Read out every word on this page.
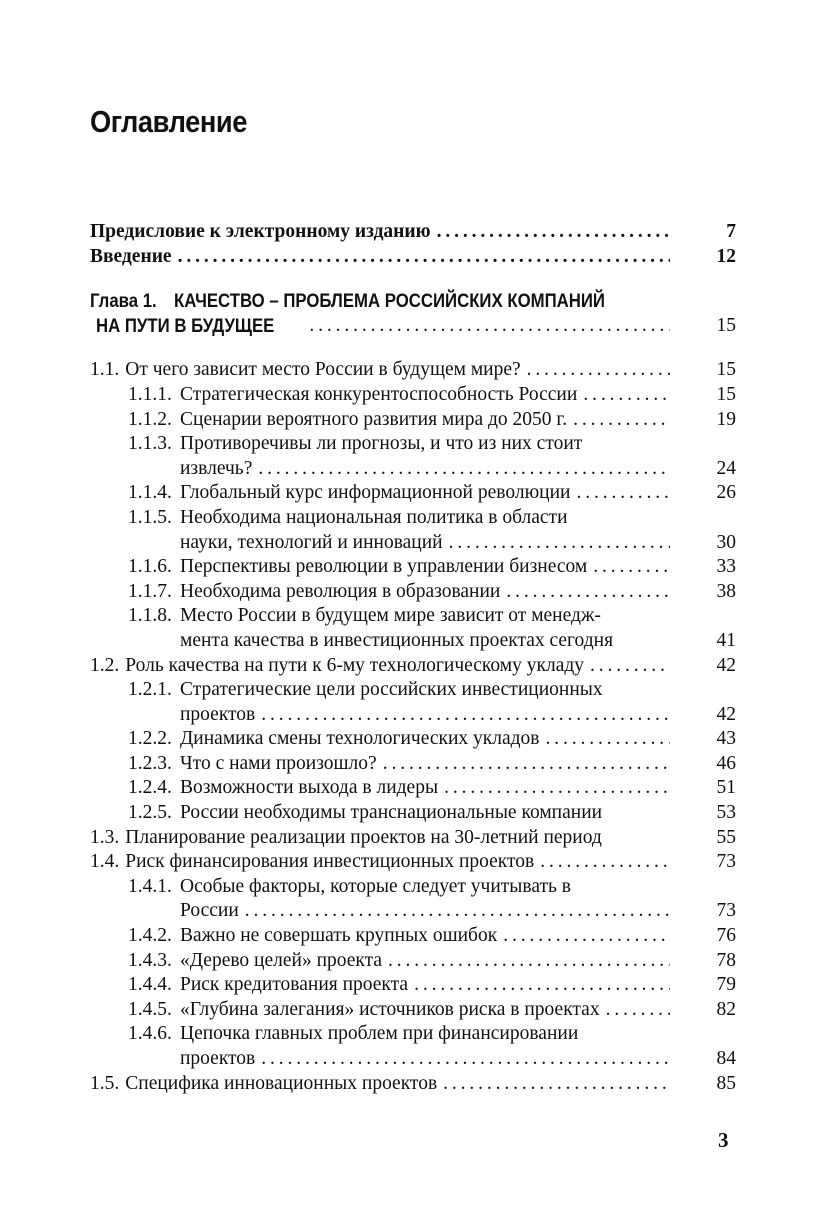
Оглавление
Предисловие к электронному изданию . . .	7
Введение . . .	12
Глава 1. КАЧЕСТВО – ПРОБЛЕМА РОССИЙСКИХ КОМПАНИЙ
НА ПУТИ В БУДУЩЕЕ . . .	15
1.1. От чего зависит место России в будущем мире? . . .	15
1.1.1. Стратегическая конкурентоспособность России . . .	15
1.1.2. Сценарии вероятного развития мира до 2050 г. . . .	19
1.1.3. Противоречивы ли прогнозы, и что из них стоит
извлечь? . . .	24
1.1.4. Глобальный курс информационной революции . . .	26
1.1.5. Необходима национальная политика в области
науки, технологий и инноваций . . .	30
1.1.6. Перспективы революции в управлении бизнесом . . .	33
1.1.7. Необходима революция в образовании . . .	38
1.1.8. Место России в будущем мире зависит от менедж-
мента качества в инвестиционных проектах сегодня	41
1.2. Роль качества на пути к 6-му технологическому укладу . . .	42
1.2.1. Стратегические цели российских инвестиционных
проектов . . .	42
1.2.2. Динамика смены технологических укладов . . .	43
1.2.3. Что с нами произошло? . . .	46
1.2.4. Возможности выхода в лидеры . . .	51
1.2.5. России необходимы транснациональные компании	53
1.3. Планирование реализации проектов на 30-летний период	55
1.4. Риск финансирования инвестиционных проектов . . .	73
1.4.1. Особые факторы, которые следует учитывать в
России . . .	73
1.4.2. Важно не совершать крупных ошибок . . .	76
1.4.3. «Дерево целей» проекта . . .	78
1.4.4. Риск кредитования проекта . . .	79
1.4.5. «Глубина залегания» источников риска в проектах . . .	82
1.4.6. Цепочка главных проблем при финансировании
проектов . . .	84
1.5. Специфика инновационных проектов . . .	85
3
